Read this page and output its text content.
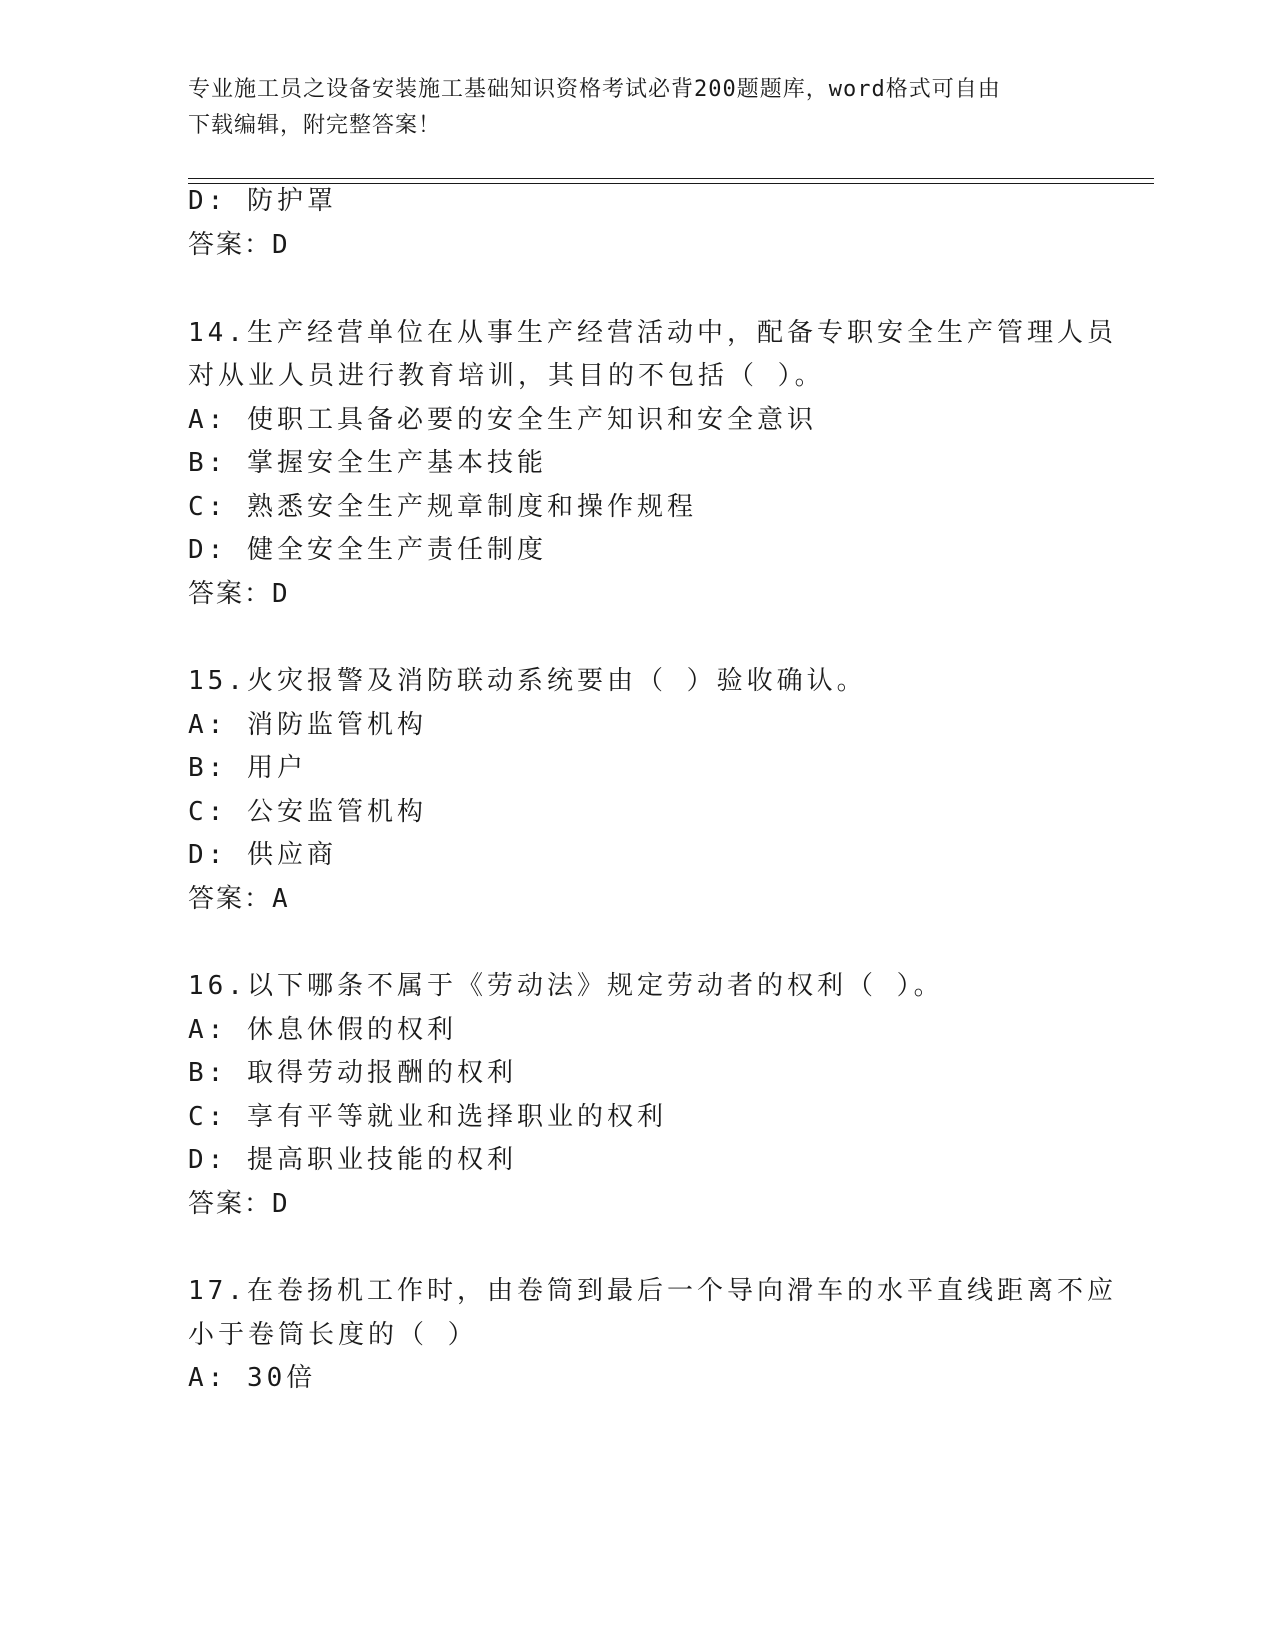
专业施工员之设备安装施工基础知识资格考试必背200题题库，word格式可自由
下载编辑，附完整答案！
D: 防护罩
答案：D
14.生产经营单位在从事生产经营活动中，配备专职安全生产管理人员
对从业人员进行教育培训，其目的不包括（ ）。
A: 使职工具备必要的安全生产知识和安全意识
B: 掌握安全生产基本技能
C: 熟悉安全生产规章制度和操作规程
D: 健全安全生产责任制度
答案：D
15.火灾报警及消防联动系统要由（ ）验收确认。
A: 消防监管机构
B: 用户
C: 公安监管机构
D: 供应商
答案：A
16.以下哪条不属于《劳动法》规定劳动者的权利（ ）。
A: 休息休假的权利
B: 取得劳动报酬的权利
C: 享有平等就业和选择职业的权利
D: 提高职业技能的权利
答案：D
17.在卷扬机工作时，由卷筒到最后一个导向滑车的水平直线距离不应
小于卷筒长度的（ ）
A: 30倍
